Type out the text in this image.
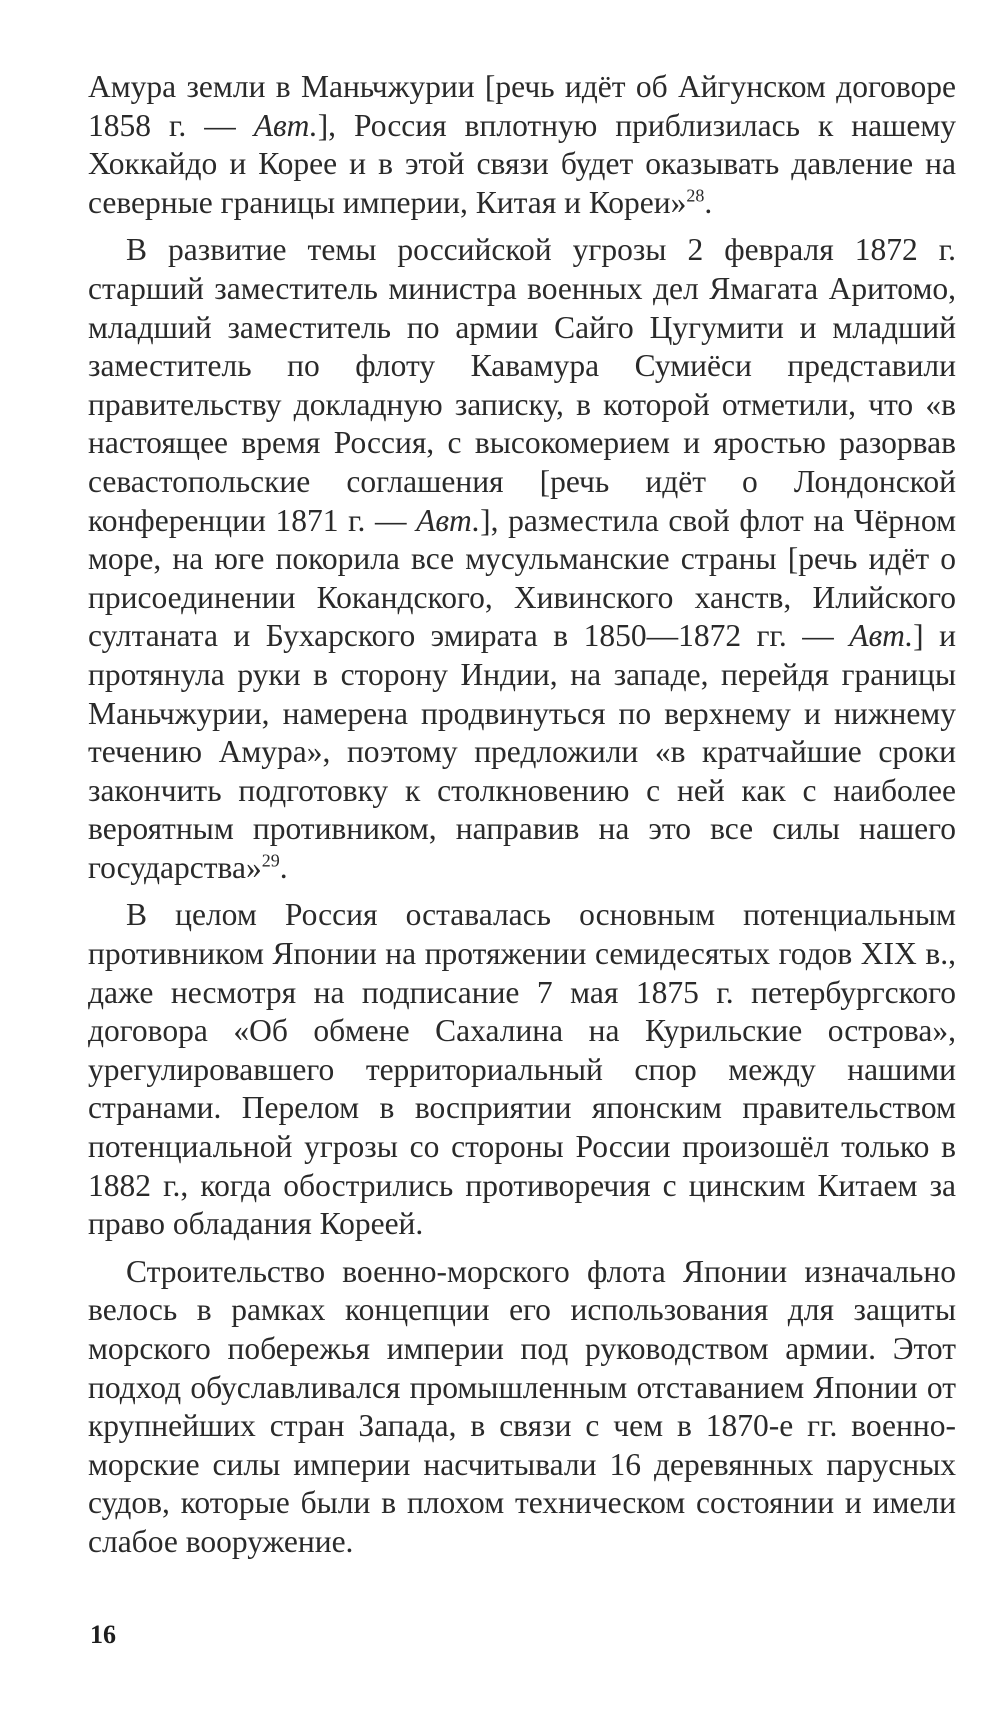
Амура земли в Маньчжурии [речь идёт об Айгунском договоре 1858 г. — Авт.], Россия вплотную приблизилась к нашему Хоккайдо и Корее и в этой связи будет оказывать давление на северные границы империи, Китая и Кореи»$^{28}$.

В развитие темы российской угрозы 2 февраля 1872 г. старший заместитель министра военных дел Ямагата Аритомо, младший заместитель по армии Сайго Цугумити и младший заместитель по флоту Кавамура Сумиёси представили правительству докладную записку, в которой отметили, что «в настоящее время Россия, с высокомерием и яростью разорвав севастопольские соглашения [речь идёт о Лондонской конференции 1871 г. — Авт.], разместила свой флот на Чёрном море, на юге покорила все мусульманские страны [речь идёт о присоединении Кокандского, Хивинского ханств, Илийского султаната и Бухарского эмирата в 1850—1872 гг. — Авт.] и протянула руки в сторону Индии, на западе, перейдя границы Маньчжурии, намерена продвинуться по верхнему и нижнему течению Амура», поэтому предложили «в кратчайшие сроки закончить подготовку к столкновению с ней как с наиболее вероятным противником, направив на это все силы нашего государства»$^{29}$.

В целом Россия оставалась основным потенциальным противником Японии на протяжении семидесятых годов XIX в., даже несмотря на подписание 7 мая 1875 г. петербургского договора «Об обмене Сахалина на Курильские острова», урегулировавшего территориальный спор между нашими странами. Перелом в восприятии японским правительством потенциальной угрозы со стороны России произошёл только в 1882 г., когда обострились противоречия с цинским Китаем за право обладания Кореей.

Строительство военно-морского флота Японии изначально велось в рамках концепции его использования для защиты морского побережья империи под руководством армии. Этот подход обуславливался промышленным отставанием Японии от крупнейших стран Запада, в связи с чем в 1870-е гг. военно-морские силы империи насчитывали 16 деревянных парусных судов, которые были в плохом техническом состоянии и имели слабое вооружение.

16
